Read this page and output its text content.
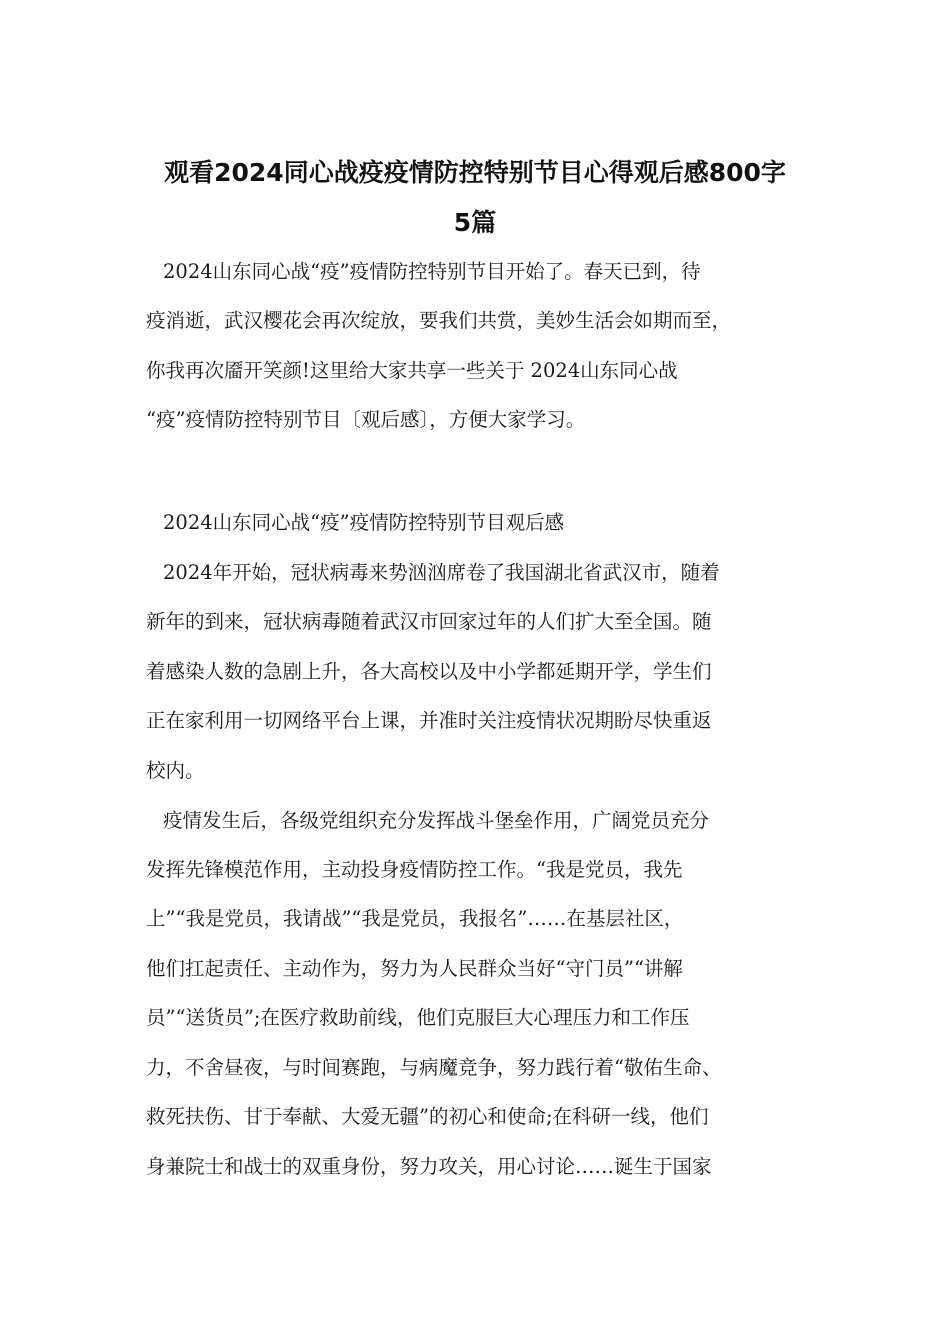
观看2024同心战疫疫情防控特别节目心得观后感800字
5篇
2024山东同心战“疫”疫情防控特别节目开始了。春天已到，待
疫消逝，武汉樱花会再次绽放，要我们共赏，美妙生活会如期而至，
你我再次靥开笑颜!这里给大家共享一些关于 2024山东同心战
“疫”疫情防控特别节目〔观后感〕，方便大家学习。
2024山东同心战“疫”疫情防控特别节目观后感
2024年开始，冠状病毒来势汹汹席卷了我国湖北省武汉市，随着
新年的到来，冠状病毒随着武汉市回家过年的人们扩大至全国。随
着感染人数的急剧上升，各大高校以及中小学都延期开学，学生们
正在家利用一切网络平台上课，并准时关注疫情状况期盼尽快重返
校内。
疫情发生后，各级党组织充分发挥战斗堡垒作用，广阔党员充分
发挥先锋模范作用，主动投身疫情防控工作。“我是党员，我先
上”“我是党员，我请战”“我是党员，我报名”……在基层社区，
他们扛起责任、主动作为，努力为人民群众当好“守门员”“讲解
员”“送货员”;在医疗救助前线，他们克服巨大心理压力和工作压
力，不舍昼夜，与时间赛跑，与病魔竞争，努力践行着“敬佑生命、
救死扶伤、甘于奉献、大爱无疆”的初心和使命;在科研一线，他们
身兼院士和战士的双重身份，努力攻关，用心讨论……诞生于国家
